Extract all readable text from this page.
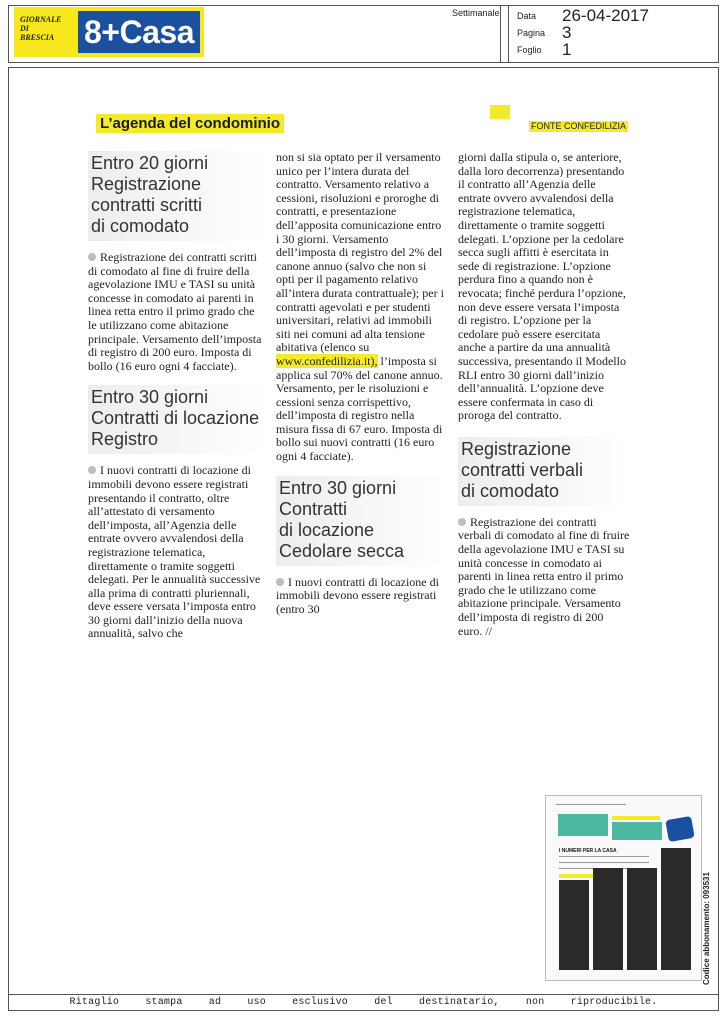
GIORNALE DI BRESCIA 8+Casa
Settimanale Data 26-04-2017
Pagina 3
Foglio 1
L’agenda del condominio	FONTE CONFEDILIZIA
Entro 20 giorni
Registrazione
contratti scritti
di comodato

Registrazione dei contratti scritti di comodato al fine di fruire della agevolazione IMU e TASI su unità concesse in comodato ai parenti in linea retta entro il primo grado che le utilizzano come abitazione principale. Versamento dell’imposta di registro di 200 euro. Imposta di bollo (16 euro ogni 4 facciate).

Entro 30 giorni
Contratti di locazione
Registro

I nuovi contratti di locazione di immobili devono essere registrati presentando il contratto, oltre all’attestato di versamento dell’imposta, all’Agenzia delle entrate ovvero avvalendosi della registrazione telematica, direttamente o tramite soggetti delegati. Per le annualità successive alla prima di contratti pluriennali, deve essere versata l’imposta entro 30 giorni dall’inizio della nuova annualità, salvo che

non si sia optato per il versamento unico per l’intera durata del contratto. Versamento relativo a cessioni, risoluzioni e proroghe di contratti, e presentazione dell’apposita comunicazione entro i 30 giorni. Versamento dell’imposta di registro del 2% del canone annuo (salvo che non si opti per il pagamento relativo all’intera durata contrattuale); per i contratti agevolati e per studenti universitari, relativi ad immobili siti nei comuni ad alta tensione abitativa (elenco su www.confedilizia.it), l’imposta si applica sul 70% del canone annuo. Versamento, per le risoluzioni e cessioni senza corrispettivo, dell’imposta di registro nella misura fissa di 67 euro. Imposta di bollo sui nuovi contratti (16 euro ogni 4 facciate).

Entro 30 giorni
Contratti
di locazione
Cedolare secca

I nuovi contratti di locazione di immobili devono essere registrati (entro 30

giorni dalla stipula o, se anteriore, dalla loro decorrenza) presentando il contratto all’Agenzia delle entrate ovvero avvalendosi della registrazione telematica, direttamente o tramite soggetti delegati. L’opzione per la cedolare secca sugli affitti è esercitata in sede di registrazione. L’opzione perdura fino a quando non è revocata; finché perdura l’opzione, non deve essere versata l’imposta di registro. L’opzione per la cedolare può essere esercitata anche a partire da una annualità successiva, presentando il Modello RLI entro 30 giorni dall’inizio dell’annualità. L’opzione deve essere confermata in caso di proroga del contratto.

Registrazione
contratti verbali
di comodato

Registrazione dei contratti verbali di comodato al fine di fruire della agevolazione IMU e TASI su unità concesse in comodato ai parenti in linea retta entro il primo grado che le utilizzano come abitazione principale. Versamento dell’imposta di registro di 200 euro. //

I NUMERI PER LA CASA
Codice abbonamento: 093531
Ritaglio	stampa	ad	uso	esclusivo	del	destinatario,	non	riproducibile.
